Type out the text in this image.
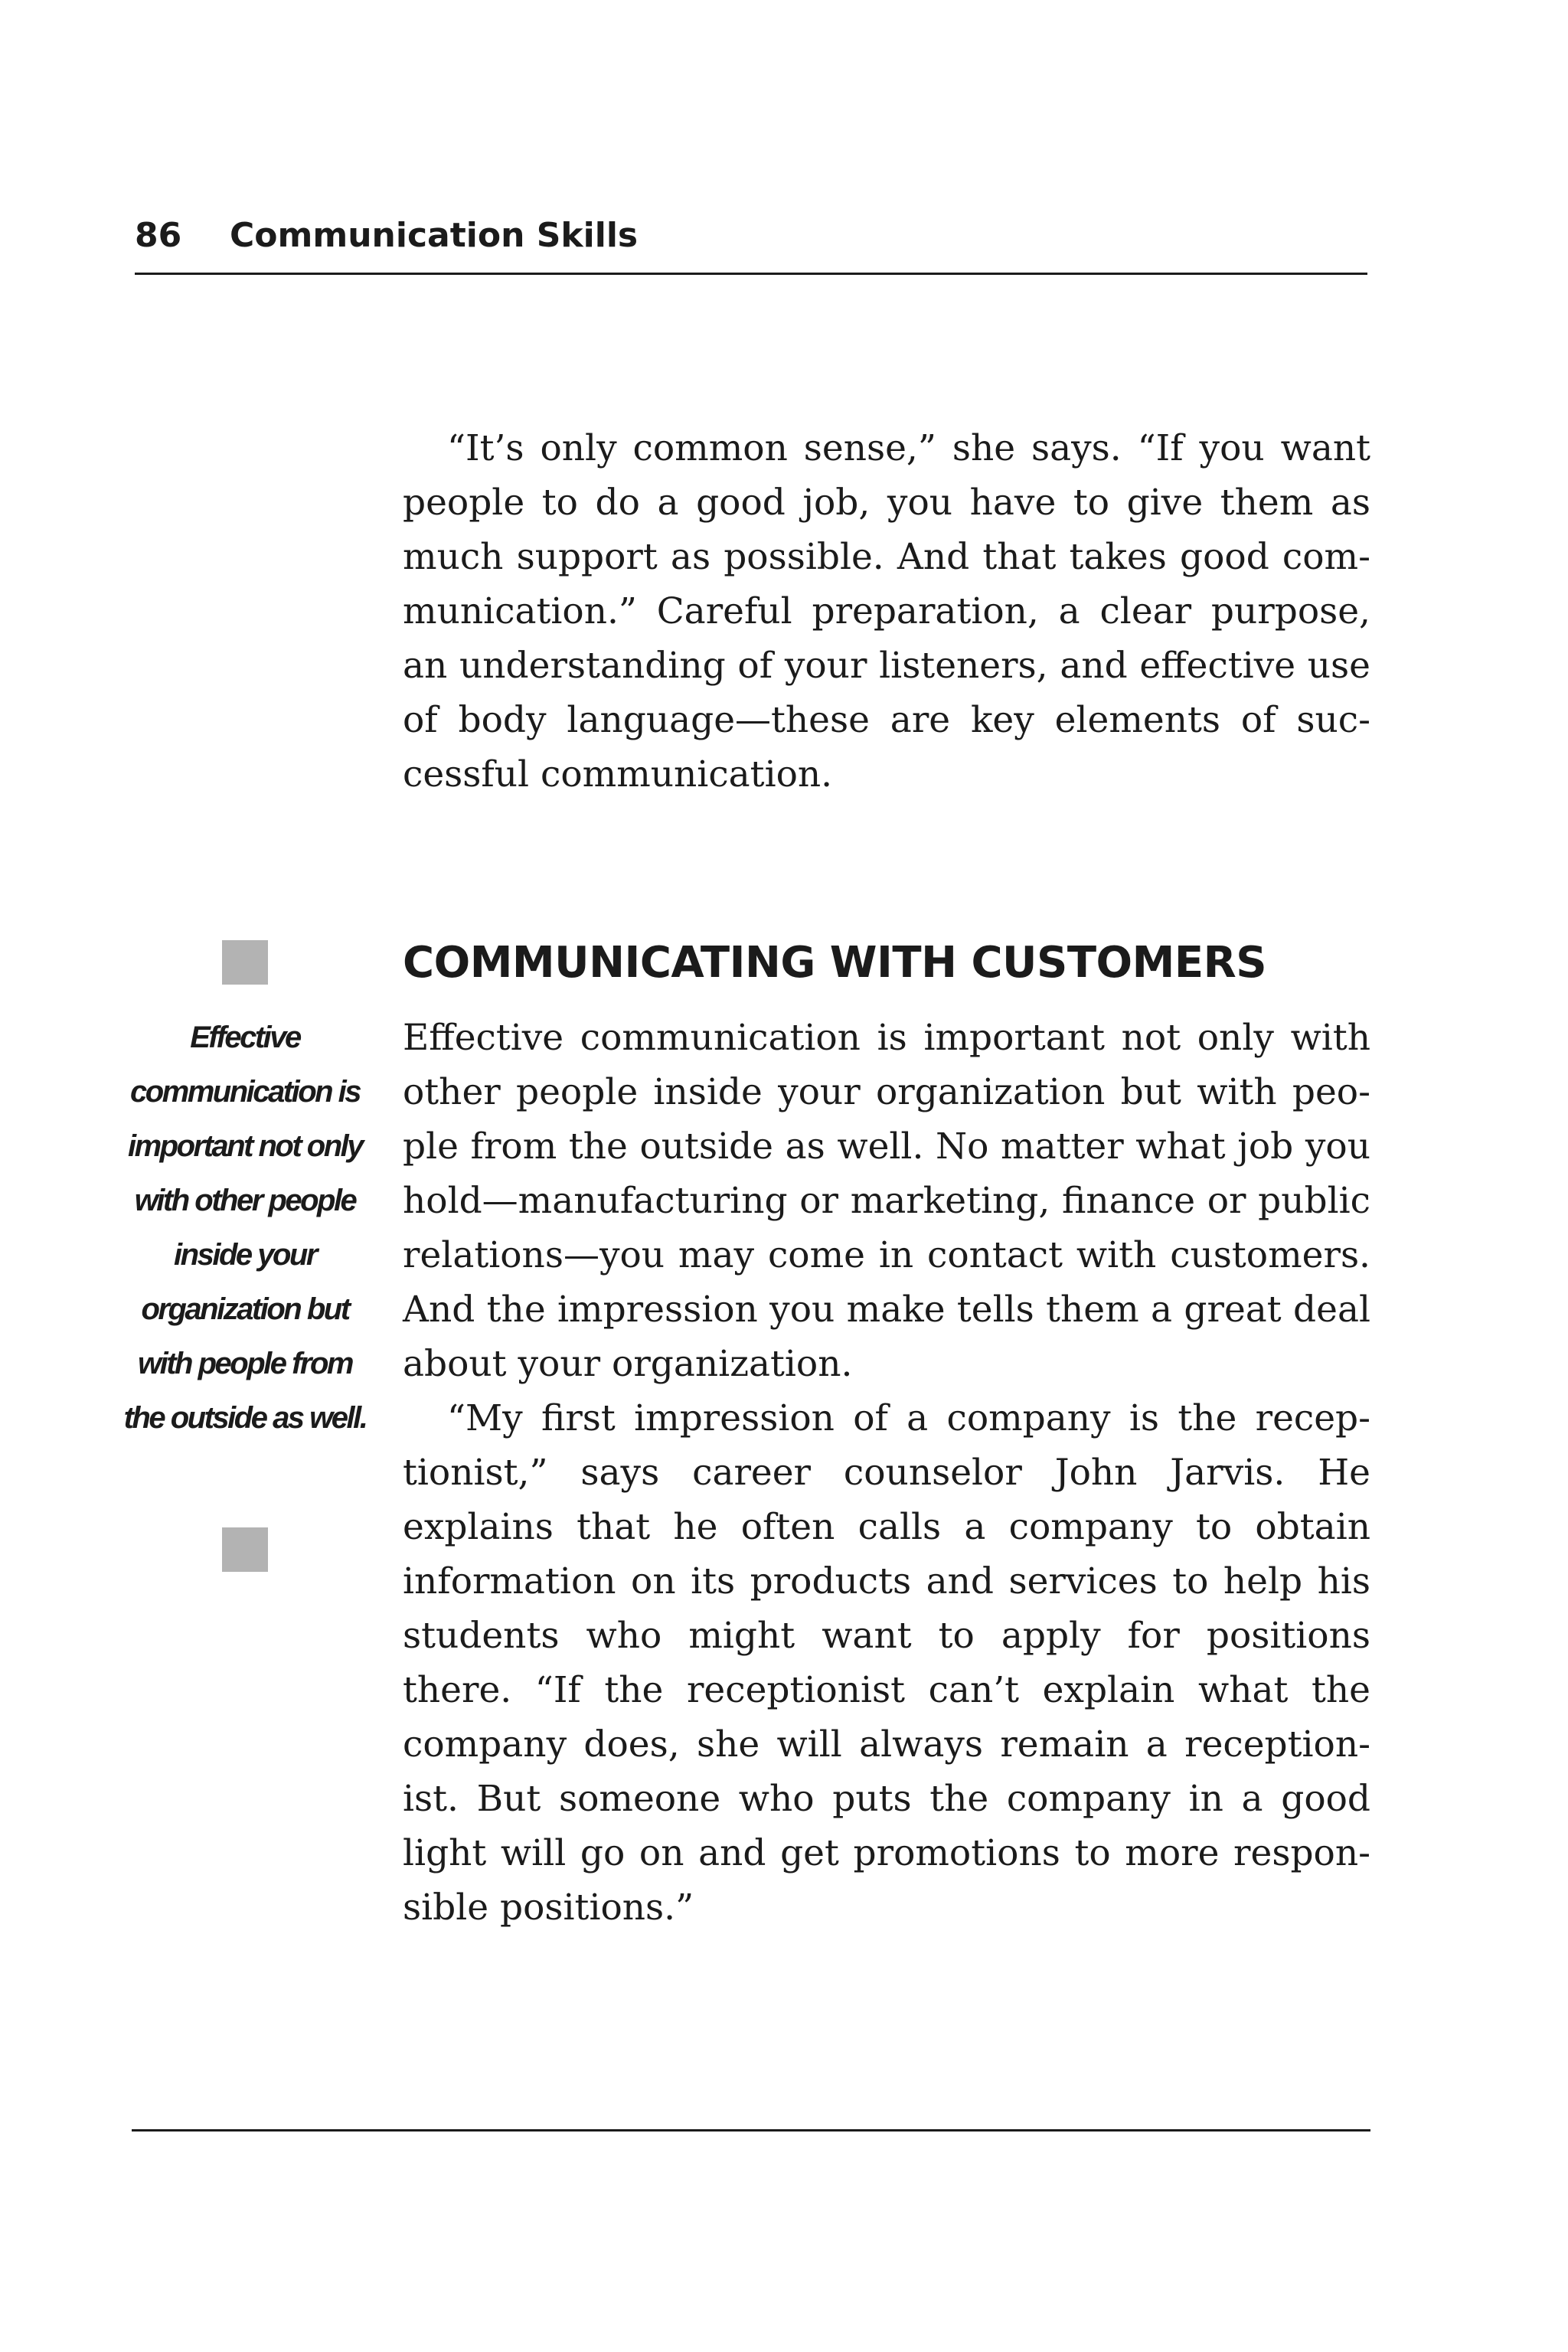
86 Communication Skills

“It’s only common sense,” she says. “If you want people to do a good job, you have to give them as much support as possible. And that takes good communication.” Careful preparation, a clear purpose, an understanding of your listeners, and effective use of body language—these are key elements of successful communication.

Effective communication is important not only with other people inside your organization but with people from the outside as well.
COMMUNICATING WITH CUSTOMERS

Effective communication is important not only with other people inside your organization but with people from the outside as well. No matter what job you hold—manufacturing or marketing, finance or public relations—you may come in contact with customers. And the impression you make tells them a great deal about your organization.

“My first impression of a company is the receptionist,” says career counselor John Jarvis. He explains that he often calls a company to obtain information on its products and services to help his students who might want to apply for positions there. “If the receptionist can’t explain what the company does, she will always remain a receptionist. But someone who puts the company in a good light will go on and get promotions to more responsible positions.”
